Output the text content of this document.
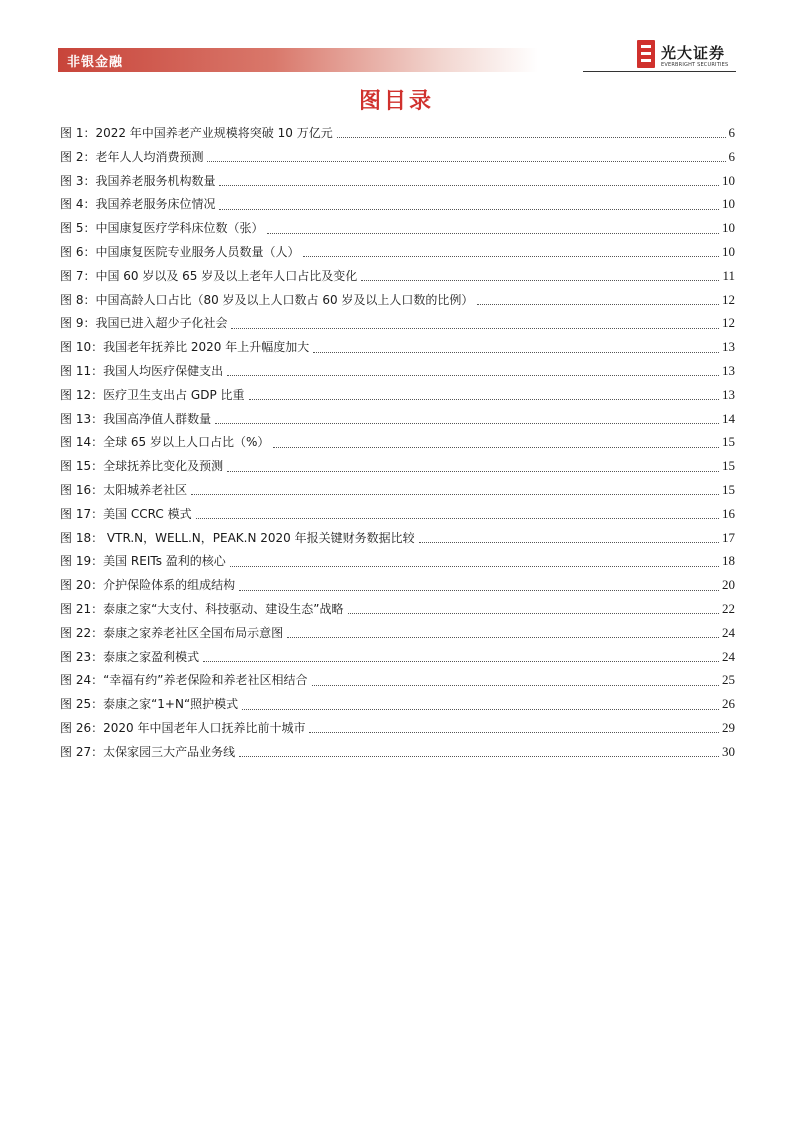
非银金融
光大证券
EVERBRIGHT SECURITIES
图目录
图 1：2022 年中国养老产业规模将突破 10 万亿元	6
图 2：老年人人均消费预测	6
图 3：我国养老服务机构数量	10
图 4：我国养老服务床位情况	10
图 5：中国康复医疗学科床位数（张）	10
图 6：中国康复医院专业服务人员数量（人）	10
图 7：中国 60 岁以及 65 岁及以上老年人口占比及变化	11
图 8：中国高龄人口占比（80 岁及以上人口数占 60 岁及以上人口数的比例）	12
图 9：我国已进入超少子化社会	12
图 10：我国老年抚养比 2020 年上升幅度加大	13
图 11：我国人均医疗保健支出	13
图 12：医疗卫生支出占 GDP 比重	13
图 13：我国高净值人群数量	14
图 14：全球 65 岁以上人口占比（%）	15
图 15：全球抚养比变化及预测	15
图 16：太阳城养老社区	15
图 17：美国 CCRC 模式	16
图 18： VTR.N，WELL.N，PEAK.N 2020 年报关键财务数据比较	17
图 19：美国 REITs 盈利的核心	18
图 20：介护保险体系的组成结构	20
图 21：泰康之家“大支付、科技驱动、建设生态”战略	22
图 22：泰康之家养老社区全国布局示意图	24
图 23：泰康之家盈利模式	24
图 24：“幸福有约”养老保险和养老社区相结合	25
图 25：泰康之家“1+N“照护模式	26
图 26：2020 年中国老年人口抚养比前十城市	29
图 27：太保家园三大产品业务线	30
